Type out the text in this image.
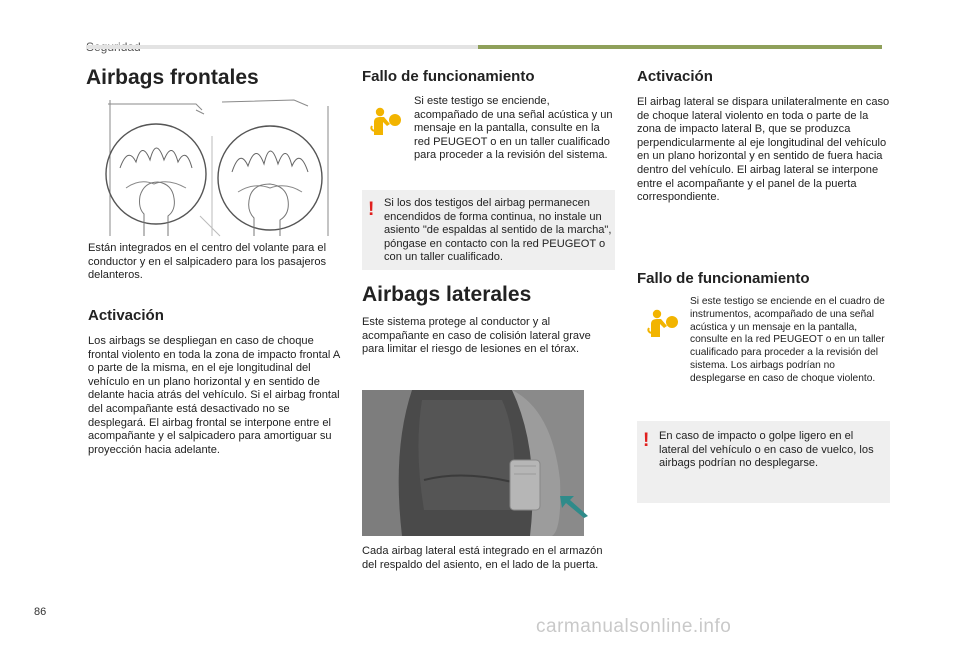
Airbags frontales
Están integrados en el centro del volante para el conductor y en el salpicadero para los pasajeros delanteros.
Activación
Los airbags se despliegan en caso de choque frontal violento en toda la zona de impacto frontal A o parte de la misma, en el eje longitudinal del vehículo en un plano horizontal y en sentido de delante hacia atrás del vehículo. Si el airbag frontal del acompañante está desactivado no se desplegará. El airbag frontal se interpone entre el acompañante y el salpicadero para amortiguar su proyección hacia adelante.
Fallo de funcionamiento
Si este testigo se enciende, acompañado de una señal acústica y un mensaje en la pantalla, consulte en la red PEUGEOT o en un taller cualificado para proceder a la revisión del sistema.
! Si los dos testigos del airbag permanecen encendidos de forma continua, no instale un asiento "de espaldas al sentido de la marcha", póngase en contacto con la red PEUGEOT o con un taller cualificado.
Airbags laterales
Este sistema protege al conductor y al acompañante en caso de colisión lateral grave para limitar el riesgo de lesiones en el tórax.
Cada airbag lateral está integrado en el armazón del respaldo del asiento, en el lado de la puerta.
Activación
El airbag lateral se dispara unilateralmente en caso de choque lateral violento en toda o parte de la zona de impacto lateral B, que se produzca perpendicularmente al eje longitudinal del vehículo en un plano horizontal y en sentido de fuera hacia dentro del vehículo. El airbag lateral se interpone entre el acompañante y el panel de la puerta correspondiente.
Fallo de funcionamiento
Si este testigo se enciende en el cuadro de instrumentos, acompañado de una señal acústica y un mensaje en la pantalla, consulte en la red PEUGEOT o en un taller cualificado para proceder a la revisión del sistema. Los airbags podrían no desplegarse en caso de choque violento.
! En caso de impacto o golpe ligero en el lateral del vehículo o en caso de vuelco, los airbags podrían no desplegarse.
86
carmanualsonline.info
